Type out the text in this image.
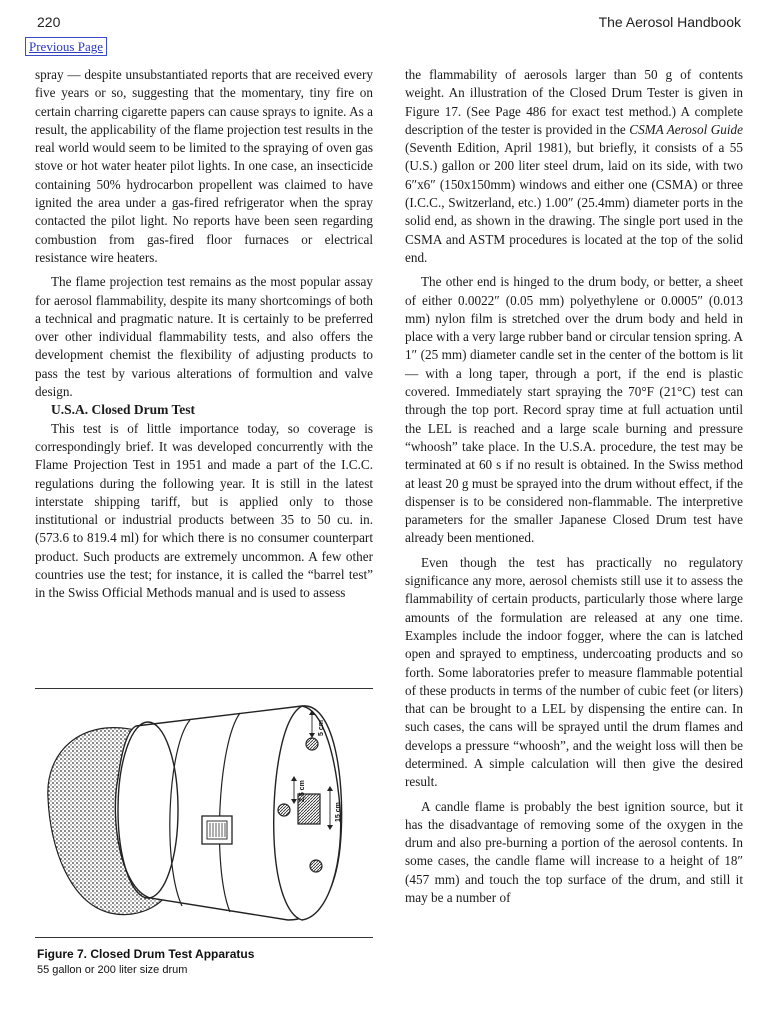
220	The Aerosol Handbook
Previous Page

spray — despite unsubstantiated reports that are received every five years or so, suggesting that the momentary, tiny fire on certain charring cigarette papers can cause sprays to ignite. As a result, the applicability of the flame projection test results in the real world would seem to be limited to the spraying of oven gas stove or hot water heater pilot lights. In one case, an insecticide containing 50% hydrocarbon propellent was claimed to have ignited the area under a gas-fired refrigerator when the spray contacted the pilot light. No reports have been seen regarding combustion from gas-fired floor furnaces or electrical resistance wire heaters.

The flame projection test remains as the most popular assay for aerosol flammability, despite its many shortcomings of both a technical and pragmatic nature. It is certainly to be preferred over other individual flammability tests, and also offers the development chemist the flexibility of adjusting products to pass the test by various alterations of formultion and valve design.

U.S.A. Closed Drum Test

This test is of little importance today, so coverage is correspondingly brief. It was developed concurrently with the Flame Projection Test in 1951 and made a part of the I.C.C. regulations during the following year. It is still in the latest interstate shipping tariff, but is applied only to those institutional or industrial products between 35 to 50 cu. in. (573.6 to 819.4 ml) for which there is no consumer counterpart product. Such products are extremely uncommon. A few other countries use the test; for instance, it is called the “barrel test” in the Swiss Official Methods manual and is used to assess

the flammability of aerosols larger than 50 g of contents weight. An illustration of the Closed Drum Tester is given in Figure 17. (See Page 486 for exact test method.) A complete description of the tester is provided in the CSMA Aerosol Guide (Seventh Edition, April 1981), but briefly, it consists of a 55 (U.S.) gallon or 200 liter steel drum, laid on its side, with two 6″x6″ (150x150mm) windows and either one (CSMA) or three (I.C.C., Switzerland, etc.) 1.00″ (25.4mm) diameter ports in the solid end, as shown in the drawing. The single port used in the CSMA and ASTM procedures is located at the top of the solid end.

The other end is hinged to the drum body, or better, a sheet of either 0.0022″ (0.05 mm) polyethylene or 0.0005″ (0.013 mm) nylon film is stretched over the drum body and held in place with a very large rubber band or circular tension spring. A 1″ (25 mm) diameter candle set in the center of the bottom is lit — with a long taper, through a port, if the end is plastic covered. Immediately start spraying the 70°F (21°C) test can through the top port. Record spray time at full actuation until the LEL is reached and a large scale burning and pressure “whoosh” take place. In the U.S.A. procedure, the test may be terminated at 60 s if no result is obtained. In the Swiss method at least 20 g must be sprayed into the drum without effect, if the dispenser is to be considered non-flammable. The interpretive parameters for the smaller Japanese Closed Drum test have already been mentioned.

Even though the test has practically no regulatory significance any more, aerosol chemists still use it to assess the flammability of certain products, particularly those where large amounts of the formulation are released at any one time. Examples include the indoor fogger, where the can is latched open and sprayed to emptiness, undercoating products and so forth. Some laboratories prefer to measure flammable potential of these products in terms of the number of cubic feet (or liters) that can be brought to a LEL by dispensing the entire can. In such cases, the cans will be sprayed until the drum flames and develops a pressure “whoosh”, and the weight loss will then be determined. A simple calculation will then give the desired result.

A candle flame is probably the best ignition source, but it has the disadvantage of removing some of the oxygen in the drum and also pre-burning a portion of the aerosol contents. In some cases, the candle flame will increase to a height of 18″ (457 mm) and touch the top surface of the drum, and still it may be a number of

5 cm
2,5 cm
15 cm
Figure 7. Closed Drum Test Apparatus
55 gallon or 200 liter size drum
